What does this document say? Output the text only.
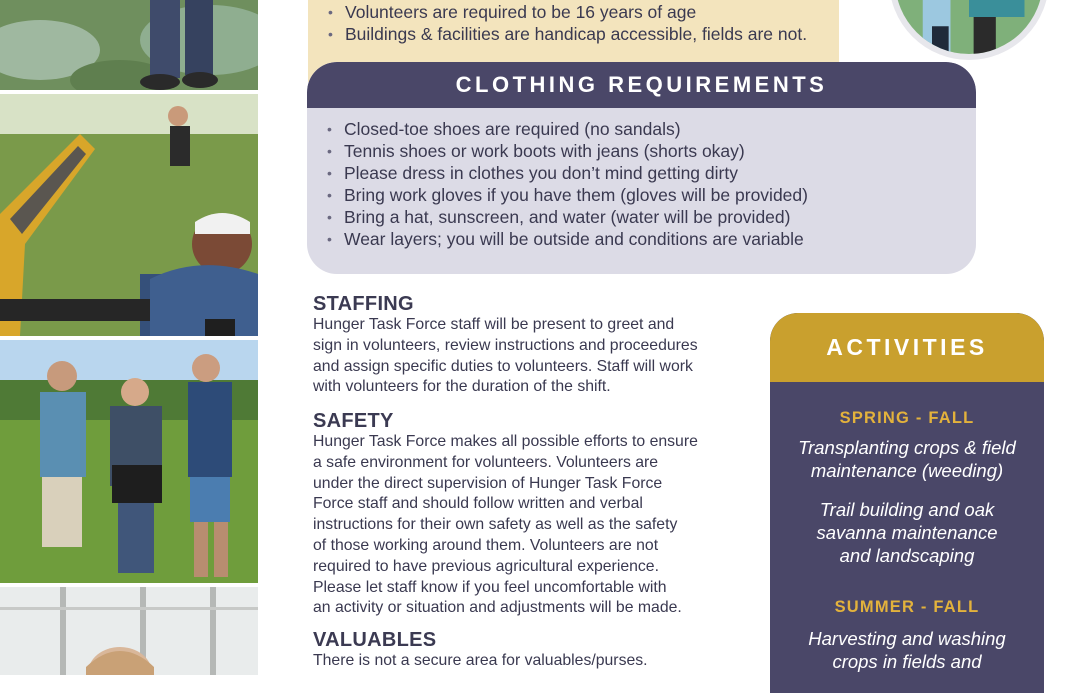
• Volunteers are required to be 16 years of age
• Buildings & facilities are handicap accessible, fields are not.
CLOTHING REQUIREMENTS
• Closed-toe shoes are required (no sandals)
• Tennis shoes or work boots with jeans (shorts okay)
• Please dress in clothes you don’t mind getting dirty
• Bring work gloves if you have them (gloves will be provided)
• Bring a hat, sunscreen, and water (water will be provided)
• Wear layers; you will be outside and conditions are variable
STAFFING

Hunger Task Force staff will be present to greet and
sign in volunteers, review instructions and proceedures
and assign specific duties to volunteers. Staff will work
with volunteers for the duration of the shift.

SAFETY

Hunger Task Force makes all possible efforts to ensure
a safe environment for volunteers. Volunteers are
under the direct supervision of Hunger Task Force
Force staff and should follow written and verbal
instructions for their own safety as well as the safety
of those working around them. Volunteers are not
required to have previous agricultural experience.
Please let staff know if you feel uncomfortable with
an activity or situation and adjustments will be made.

VALUABLES

There is not a secure area for valuables/purses.

ACTIVITIES
SPRING - FALL
Transplanting crops & field
maintenance (weeding)
Trail building and oak
savanna maintenance
and landscaping
SUMMER - FALL
Harvesting and washing
crops in fields and
